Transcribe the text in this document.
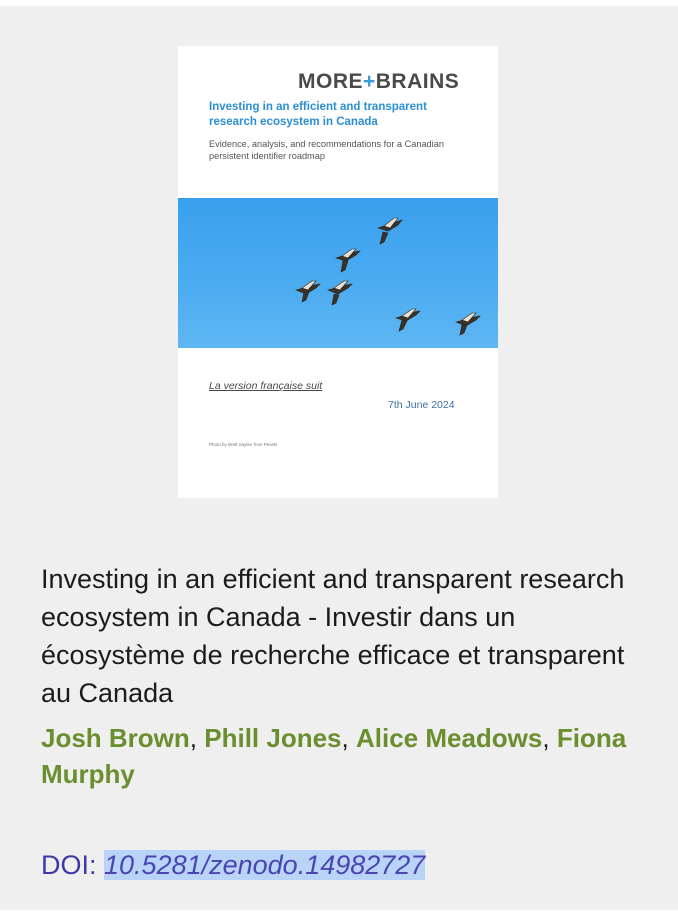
MORE+BRAINS
Investing in an efficient and transparent research ecosystem in Canada
Evidence, analysis, and recommendations for a Canadian persistent identifier roadmap
La version française suit
7th June 2024
Photo by Brett Sayles from Pexels
Investing in an efficient and transparent research ecosystem in Canada - Investir dans un écosystème de recherche efficace et transparent au Canada
Josh Brown, Phill Jones, Alice Meadows, Fiona Murphy
DOI: 10.5281/zenodo.14982727
